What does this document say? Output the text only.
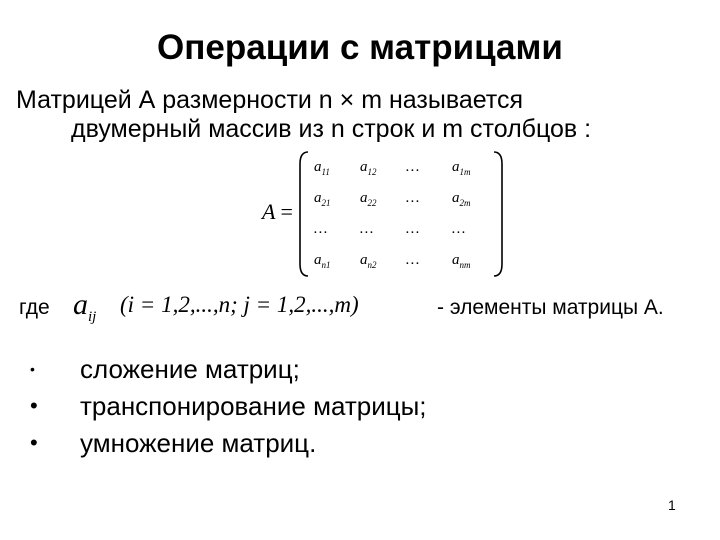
Операции с матрицами
Матрицей А размерности n × m называется
двумерный массив из n строк и m столбцов :
A =
$a_{11}$	$a_{12}$	…	$a_{1m}$
$a_{21}$	$a_{22}$	…	$a_{2m}$
…	…	…	…
$a_{n1}$	$a_{n2}$	…	$a_{nm}$
где $a_{ij}$ (i = 1,2,...,n; j = 1,2,...,m)	- элементы матрицы А.
• сложение матриц;
• транспонирование матрицы;
• умножение матриц.
1
